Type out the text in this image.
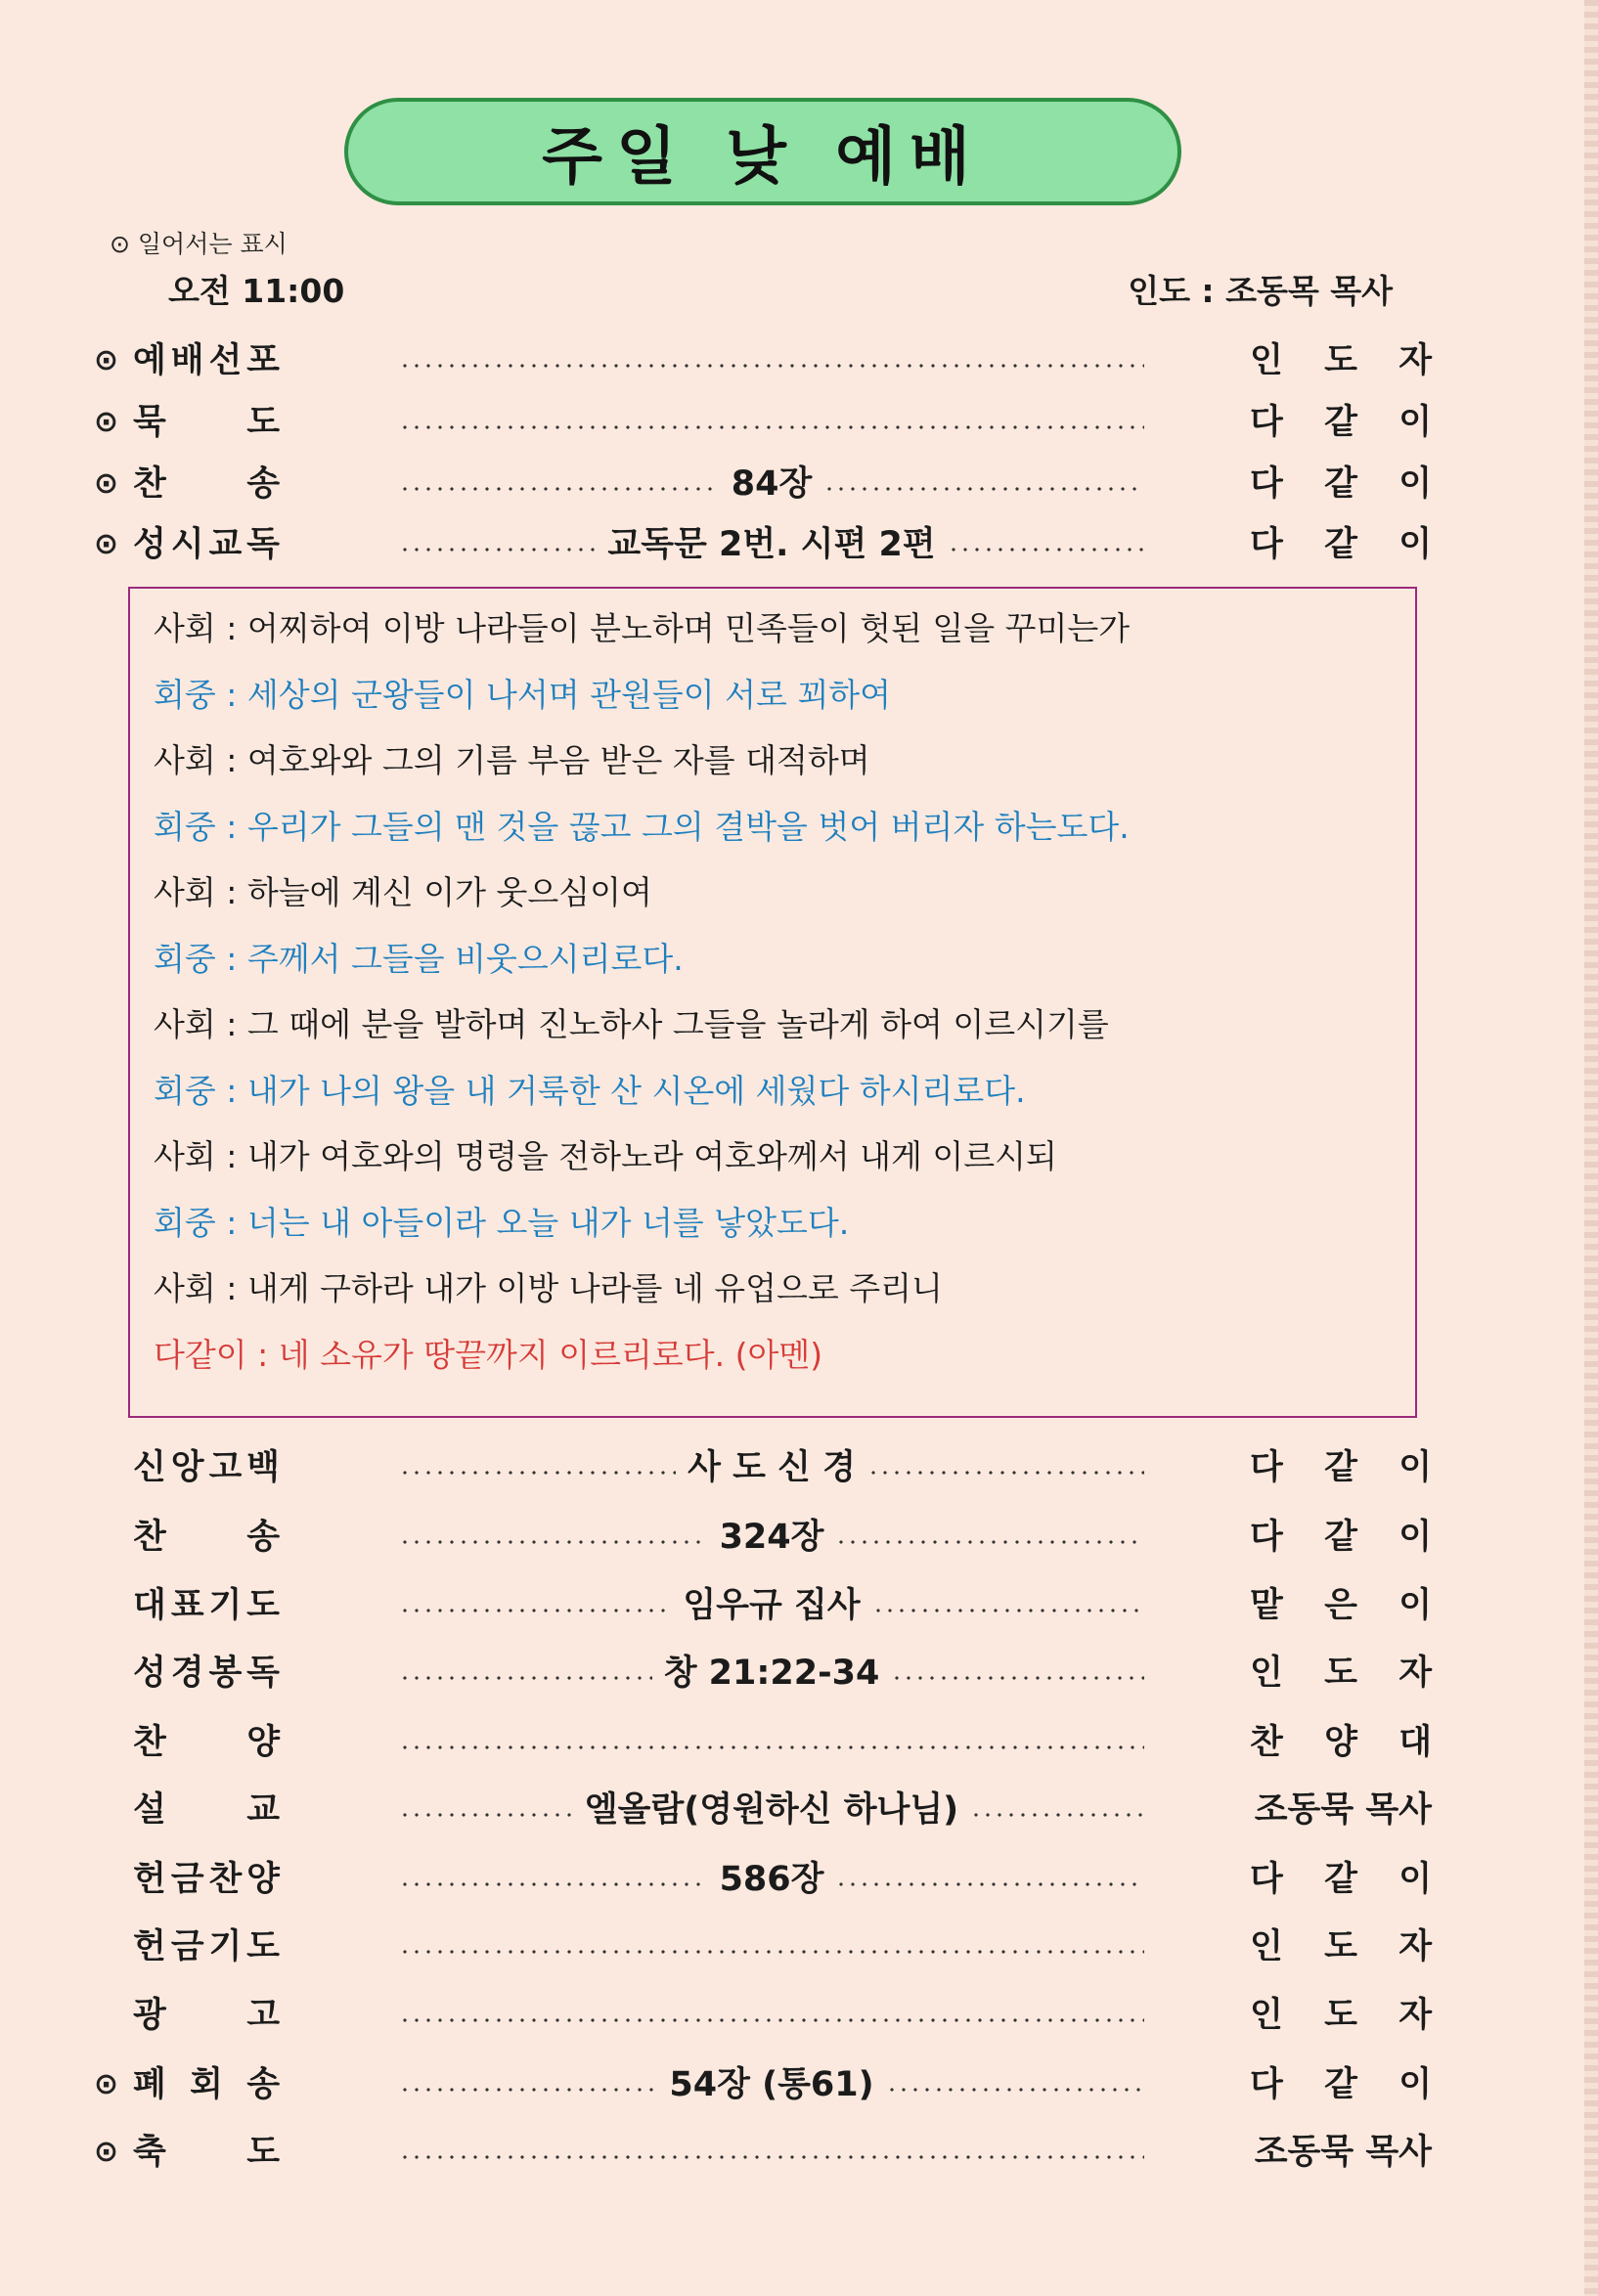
주일 낮 예배
⊙ 일어서는 표시
오전 11:00	인도 : 조동목 목사
⊙ 예 배 선 포	인 도 자
⊙ 묵 도	다 같 이
⊙ 찬 송	84장	다 같 이
⊙ 성 시 교 독	교독문 2번. 시편 2편	다 같 이
사회 : 어찌하여 이방 나라들이 분노하며 민족들이 헛된 일을 꾸미는가
회중 : 세상의 군왕들이 나서며 관원들이 서로 꾀하여
사회 : 여호와와 그의 기름 부음 받은 자를 대적하며
회중 : 우리가 그들의 맨 것을 끊고 그의 결박을 벗어 버리자 하는도다.
사회 : 하늘에 계신 이가 웃으심이여
회중 : 주께서 그들을 비웃으시리로다.
사회 : 그 때에 분을 발하며 진노하사 그들을 놀라게 하여 이르시기를
회중 : 내가 나의 왕을 내 거룩한 산 시온에 세웠다 하시리로다.
사회 : 내가 여호와의 명령을 전하노라 여호와께서 내게 이르시되
회중 : 너는 내 아들이라 오늘 내가 너를 낳았도다.
사회 : 내게 구하라 내가 이방 나라를 네 유업으로 주리니
다같이 : 네 소유가 땅끝까지 이르리로다. (아멘)
신 앙 고 백	사 도 신 경	다 같 이
찬 송	324장	다 같 이
대 표 기 도	임우규 집사	맡 은 이
성 경 봉 독	창 21:22-34	인 도 자
찬 양	찬 양 대
설 교	엘올람(영원하신 하나님)	조동묵 목사
헌 금 찬 양	586장	다 같 이
헌 금 기 도	인 도 자
광 고	인 도 자
⊙ 폐 회 송	54장 (통61)	다 같 이
⊙ 축 도	조동묵 목사
